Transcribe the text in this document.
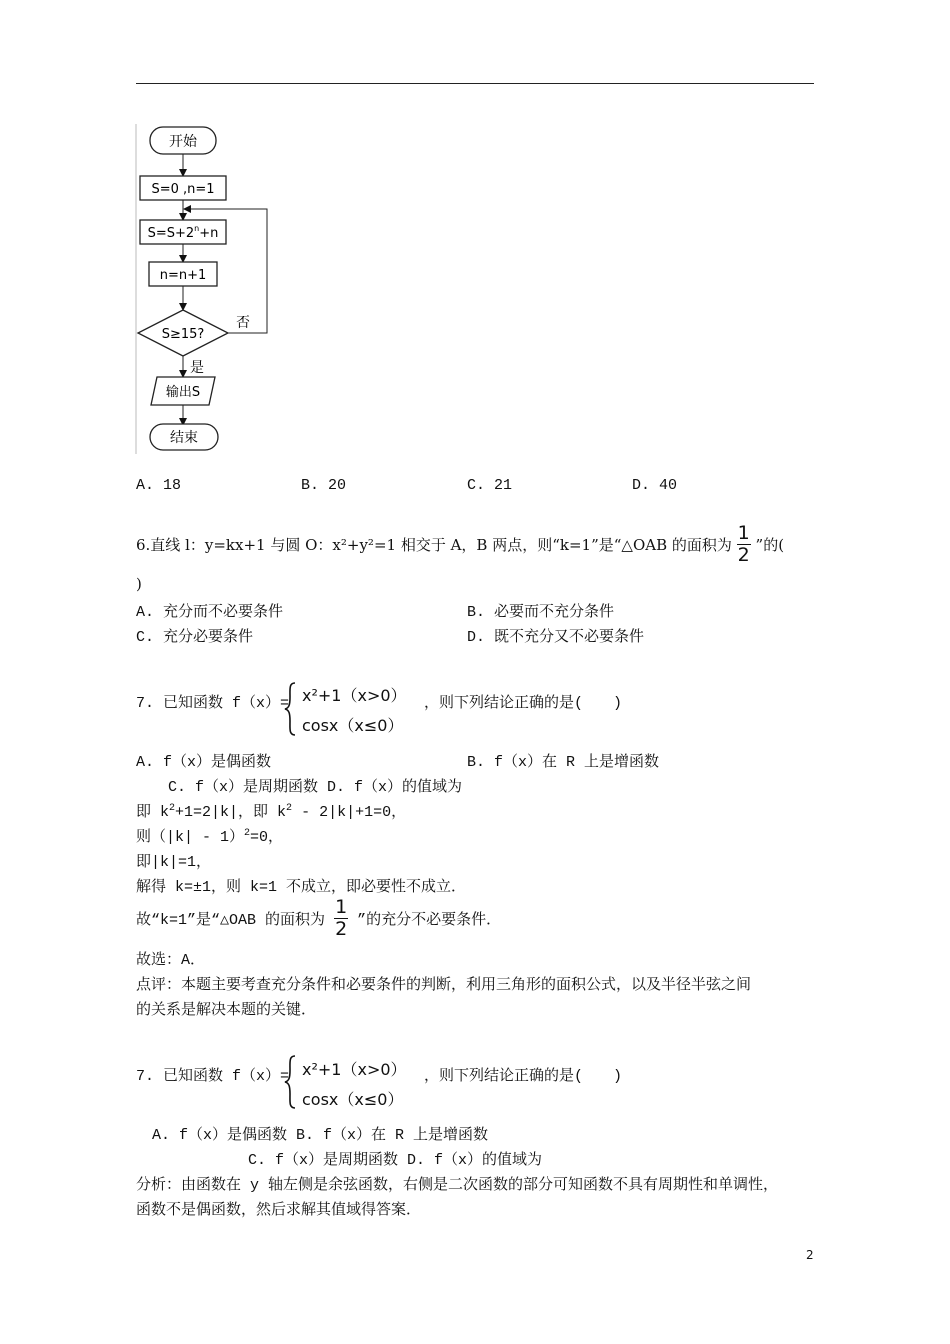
开始
S=0 ,n=1
$S=S+2^n+n$
n=n+1
S≥15?
否
是
输出S
结束
A. 18	B. 20	C. 21	D. 40
6.直线 l：y=kx+1 与圆 O：x²+y²=1 相交于 A，B 两点，则“k=1”是“△OAB 的面积为 $\frac{1}{2}$ ”的(
)
A. 充分而不必要条件	B. 必要而不充分条件
C. 充分必要条件	D. 既不充分又不必要条件
7. 已知函数 f（x）= x²+1（x>0）
cosx（x≤0）
，则下列结论正确的是(　　)
A. f（x）是偶函数	B. f（x）在 R 上是增函数
C. f（x）是周期函数 D. f（x）的值域为
即 $k^2+1=2|k|$，即 $k^2 - 2|k|+1=0$，
则（|k| - 1）$^2$=0，
即|k|=1，
解得 k=±1，则 k=1 不成立，即必要性不成立．
故“k=1”是“△OAB 的面积为 $\frac{1}{2}$ ”的充分不必要条件．
故选：A．
点评：本题主要考查充分条件和必要条件的判断，利用三角形的面积公式，以及半径半弦之间
的关系是解决本题的关键．
7. 已知函数 f（x）= x²+1（x>0）
cosx（x≤0）
，则下列结论正确的是(　　)
A. f（x）是偶函数 B. f（x）在 R 上是增函数
C. f（x）是周期函数 D. f（x）的值域为
分析：由函数在 y 轴左侧是余弦函数，右侧是二次函数的部分可知函数不具有周期性和单调性，
函数不是偶函数，然后求解其值域得答案．
2
